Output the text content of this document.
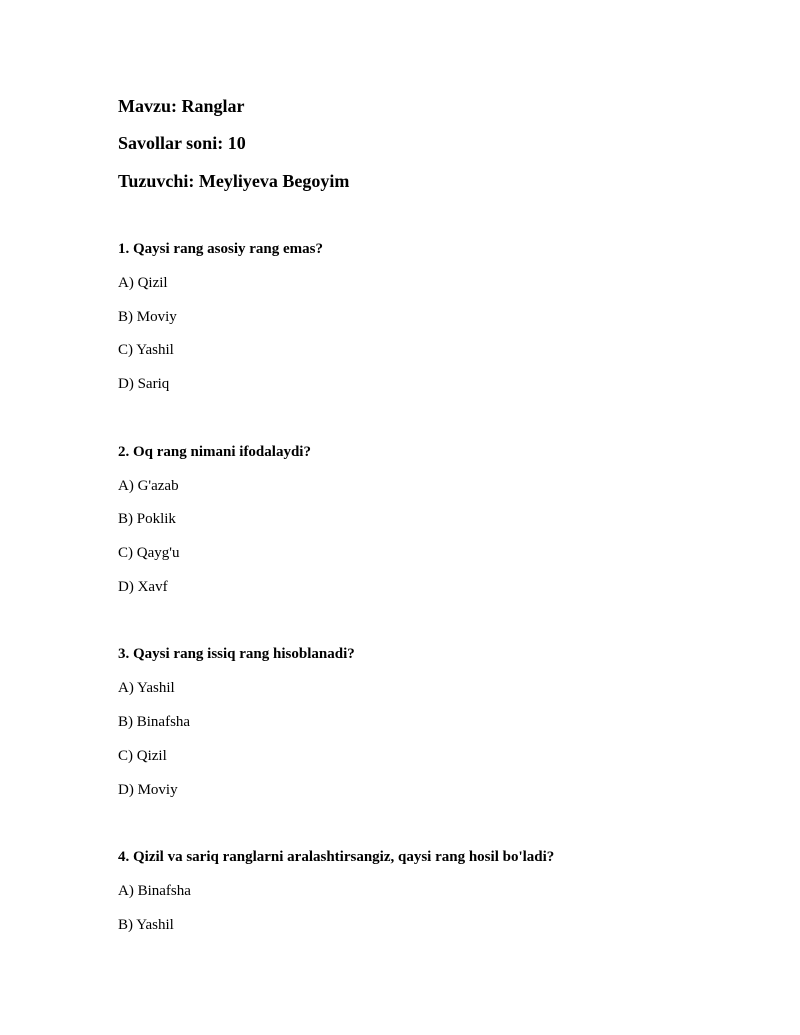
Mavzu: Ranglar
Savollar soni: 10
Tuzuvchi: Meyliyeva Begoyim
1. Qaysi rang asosiy rang emas?
A) Qizil
B) Moviy
C) Yashil
D) Sariq
2. Oq rang nimani ifodalaydi?
A) G'azab
B) Poklik
C) Qayg'u
D) Xavf
3. Qaysi rang issiq rang hisoblanadi?
A) Yashil
B) Binafsha
C) Qizil
D) Moviy
4. Qizil va sariq ranglarni aralashtirsangiz, qaysi rang hosil bo'ladi?
A) Binafsha
B) Yashil
